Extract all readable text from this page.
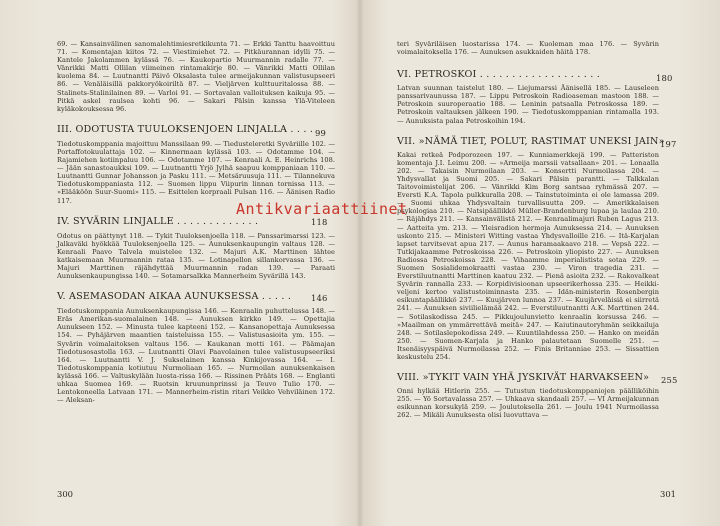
69. — Kansainvälinen sanomalehtimiesretkikunta 71. — Erkki Tanttu haavoittuu 71. — Komentajan kiitos 72. — Viestimiehet 72. — Pitkäurannan idylli 75. — Kantele Jakolammen kylässä 76. — Kaukopartio Muurmannin radalle 77. — Vänrikki Matti Ollilan viimeinen rintamakirje 80. — Vänrikki Matti Ollilan kuolema 84. — Luutnantti Päivö Oksalasta tulee armeijakunnan valistusupseeri 86. — Venäläisillä pakkoryökoiriltä 87. — Vieljärven kulttuuritalossa 88. — Stalinets-Stalinilainen 89. — Varloi 91. — Sortavalan valloituksen kaikuja 95. — Pitkä askel raulsea kohti 96. — Sakari Pälsin kanssa Ylä-Viteleen kyläkokouksessa 96.

III. ODOTUSTA TUULOKSENJOEN LINJALLA . . . . 99

Tiedotuskomppania majoittuu Manssilaan 99. — Tiedusteleretki Syväriille 102. — Portaffotokuulattaja 102. — Kinnermaan kylässä 103. — Odotamme 104. — Rajamiehen kotiinpaluu 106. — Odotamme 107. — Kenraali A. E. Heinrichs 108. — Jään sanastoaukksi 109. — Luutnantti Yrjö Jylhä saapuu komppaniaan 110. — Luutnantti Gunnar Johansson ja Pasku 111. — Metsäruusuja 111. — Tilannekuva Tiedotuskomppaniasta 112. — Suomen lippu Viipurin linnan tornissa 113. — »Elääköön Suur-Suomi» 115. — Esittelen korpraali Pulsan 116. — Äänisen Radio 117.

IV. SYVÄRIN LINJALLE . . . . . . . . . . . . .	118

Odotus on päättynyt 118. — Tykit Tuuloksenjoella 118. — Panssarimarssi 123. — Jalkaväki hyökkää Tuuloksenjoella 125. — Aunuksenkaupungin valtaus 128. — Kenraali Paavo Talvela muistelee 132. — Majuri A.K. Marttinen lähtee katkaisemaan Muurmannin rataa 135. — Lotinapellon sillankorvassa 136. — Majuri Marttinen räjähdyttää Muurmannin radan 139. — Paraati Aunuksenkaupungissa 140. — Sotamarsalkka Mannerheim Syvärillä 143.

V. ASEMASODAN AIKAA AUNUKSESSA . . . . . 146

Tiedotuskomppania Aunuksenkaupungissa 146. — Kenraalin puhuttelussa 148. — Eräs Amerikan-suomalainen 148. — Aunuksen kirkko 149. — Opettajia Aunukseen 152. — Minusta tulee kapteeni 152. — Kansanopettaja Aunuksessa 154. — Pyhäjärven maantien taisteluissa 155. — Valistusasioita ym. 155. — Syvärin voimalaitoksen valtaus 156. — Kaukanan motti 161. — Päämajan Tiedotusosastolla 163. — Luutnantti Olavi Paavolainen tulee valistusupseeriksi 164. — Luutnantti V. J. Sukselainen kanssa Kinkijovassa 164. — I. Tiedotuskomppania kotiutuu Nurmoliaan 165. — Nurmoilan aunuksenkaisen kylässä 166. — Valtuskylään luosta-rissa 166. — Rissinen Prääts 168. — Englanti uhkaa Suomea 169. — Ruotsin kruununprinssi ja Teuvo Tulio 170. — Lentokoneella Latvaan 171. — Mannerheim-ristin ritari Veikko Vehviläinen 172. — Aleksan-

300

teri Syväriläisen luostarissa 174. — Kuoleman maa 176. — Syvärin voimalaitoksella 176. — Aunuksen asukkaiden häitä 178.

VI. PETROSKOI . . . . . . . . . . . . . . . . . . .	180

Latvan suunnan taistelut 180. — Liejumarssi Äänisellä 185. — Lauseleen panssarivaunussa 187. — Lippu Petroskoin Radioaseman mastoon 188. — Petroskoin suuroperaatio 188. — Leninin patsaalla Petroskossa 189. — Petroskoin valtauksen jälkeen 190. — Tiedotuskomppanian rintamalla 193. — Aunuksista palaa Petroskoihin 194.

VII. »NÄMÄ TIET, POLUT, RASTIMAT UNEKSI JAIN»
197

Kakai retkeä Podporozeen 197. — Kunniamerkkejä 199. — Patteriston komentaja J.I. Leimu 200. — »Armeija marssii vatsallaan» 201. — Lonaalla 202. — Takaisin Nurmoilaan 203. — Konsertti Nurmoilassa 204. — Yhdysvallat ja Suomi 205. — Sakari Pälsin parantti. — Talkkalan Taitovoimistelijat 206. — Vänrikki Kim Borg santsaa ryhmässä 207. — Eversti K.A. Tapola pulkkuralla 208. — Tainstutoiminta ei ole lamassa 209. — Suomi uhkaa Yhdysvaltain turvallisuutta 209. — Amerikkalaisen psykologiaa 210. — Natsipäällikkö Müller-Brandenburg lupaa ja laulaa 210. — Räjähdys 211. — Kansainvälistä 212. — Kenraalimajuri Ruben Lagus 213. — Aatteita ym. 213. — Yleisradion hermoja Aunuksessa 214. — Aunuksen uskonto 215. — Ministeri Witting vastaa Yhdysvalloille 216. — Itä-Karjalan lapset tarvitsevat apua 217. — Aunus haramaakaavo 218. — Vepsä 222. — Tutkijakaamme Petroskoissa 226. — Petroskoin yliopisto 227. — Aunuksen Radiossa Petroskoissa 228. — Vihaamme imperialistista sotaa 229. — Suomen Sosialidemokraatti vastaa 230. — Viron tragedia 231. — Everstiluutnantti Marttinen kaatuu 232. — Pienä asioita 232. — Rakovalkeat Syvärin rannalla 233. — Korpidivisioonan upseerikerhossa 235. — Heikki-veljeni kertoo valistustoiminnasta 235. — Idän-ministerin Rosenbergin esikuntapäällikkö 237. — Kuujärven lunnoa 237. — Kuujärveläisiä ei siirretä 241. — Aunuksen siviilielämää 242. — Everstiluutnantti A.K. Marttinen 244. — Sotilaskodissa 245. — Pikkujoulunvietto kenraalin korsussa 246. — »Maailman on ymmärrettävä meitä» 247. — Kaiutinautoryhmän seikkailuja 248. — Sotilaslepokodissa 249. — Kuuntilahdessa 250. — Hanko on meidän 250. — Suomen-Karjala ja Hanko palautetaan Suomelle 251. — Itsenäisyyspäivä Nurmoilassa 252. — Finis Britanniae 253. — Sissattien keskustelu 254.

VIII. »TYKIT VAIN YHÄ JYSKIVÄT HARVAKSEEN» 255

Onni hylkää Hitlerin 255. — Tutustun tiedotuskomppaniojen päälliköihin 255. — Yö Sortavalassa 257. — Uhkaava skandaali 257. — VI Armeijakunnan esikunnan korsukylä 259. — Joulutoksella 261. — Joulu 1941 Nurmoilassa 262. — Mikäli Aunuksesta olisi luovuttava —

301
Antikvariaattiinet
